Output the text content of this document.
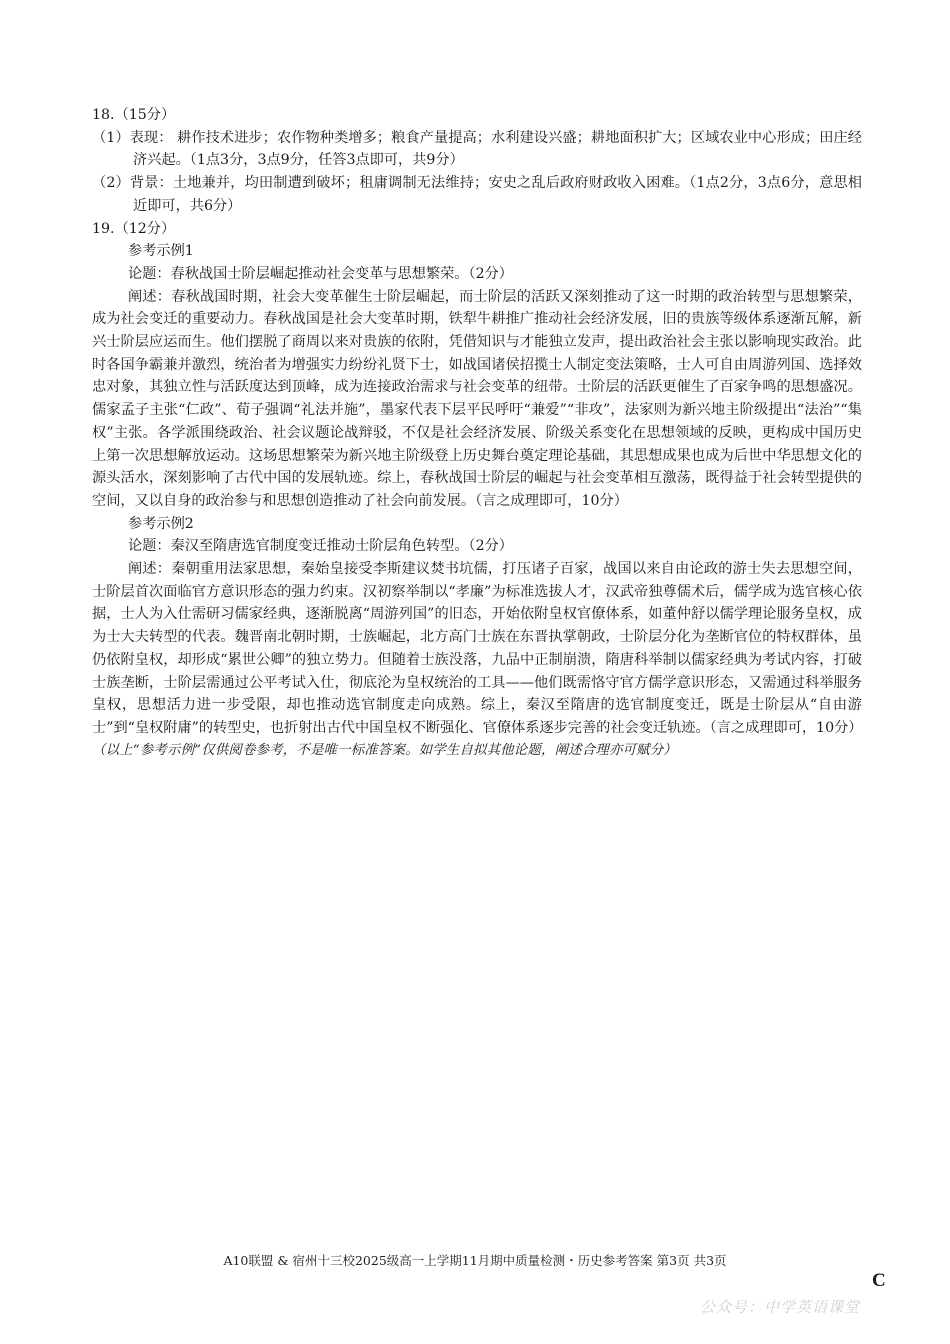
18.（15分）

（1）表现： 耕作技术进步；农作物种类增多；粮食产量提高；水利建设兴盛；耕地面积扩大；区域农业中心形成；田庄经济兴起。（1点3分，3点9分，任答3点即可，共9分）

（2）背景：土地兼并，均田制遭到破坏；租庸调制无法维持；安史之乱后政府财政收入困难。（1点2分，3点6分，意思相近即可，共6分）

19.（12分）

参考示例1

论题：春秋战国士阶层崛起推动社会变革与思想繁荣。（2分）

阐述：春秋战国时期，社会大变革催生士阶层崛起，而士阶层的活跃又深刻推动了这一时期的政治转型与思想繁荣，成为社会变迁的重要动力。春秋战国是社会大变革时期，铁犁牛耕推广推动社会经济发展，旧的贵族等级体系逐渐瓦解，新兴士阶层应运而生。他们摆脱了商周以来对贵族的依附，凭借知识与才能独立发声，提出政治社会主张以影响现实政治。此时各国争霸兼并激烈，统治者为增强实力纷纷礼贤下士，如战国诸侯招揽士人制定变法策略，士人可自由周游列国、选择效忠对象，其独立性与活跃度达到顶峰，成为连接政治需求与社会变革的纽带。士阶层的活跃更催生了百家争鸣的思想盛况。儒家孟子主张“仁政”、荀子强调“礼法并施”，墨家代表下层平民呼吁“兼爱”“非攻”，法家则为新兴地主阶级提出“法治”“集权”主张。各学派围绕政治、社会议题论战辩驳，不仅是社会经济发展、阶级关系变化在思想领域的反映，更构成中国历史上第一次思想解放运动。这场思想繁荣为新兴地主阶级登上历史舞台奠定理论基础，其思想成果也成为后世中华思想文化的源头活水，深刻影响了古代中国的发展轨迹。综上，春秋战国士阶层的崛起与社会变革相互激荡，既得益于社会转型提供的空间，又以自身的政治参与和思想创造推动了社会向前发展。（言之成理即可，10分）

参考示例2

论题：秦汉至隋唐选官制度变迁推动士阶层角色转型。（2分）

阐述：秦朝重用法家思想，秦始皇接受李斯建议焚书坑儒，打压诸子百家，战国以来自由论政的游士失去思想空间，士阶层首次面临官方意识形态的强力约束。汉初察举制以“孝廉”为标准选拔人才，汉武帝独尊儒术后，儒学成为选官核心依据，士人为入仕需研习儒家经典，逐渐脱离“周游列国”的旧态，开始依附皇权官僚体系，如董仲舒以儒学理论服务皇权，成为士大夫转型的代表。魏晋南北朝时期，士族崛起，北方高门士族在东晋执掌朝政，士阶层分化为垄断官位的特权群体，虽仍依附皇权，却形成“累世公卿”的独立势力。但随着士族没落，九品中正制崩溃，隋唐科举制以儒家经典为考试内容，打破士族垄断，士阶层需通过公平考试入仕，彻底沦为皇权统治的工具——他们既需恪守官方儒学意识形态，又需通过科举服务皇权，思想活力进一步受限，却也推动选官制度走向成熟。综上，秦汉至隋唐的选官制度变迁，既是士阶层从“自由游士”到“皇权附庸”的转型史，也折射出古代中国皇权不断强化、官僚体系逐步完善的社会变迁轨迹。（言之成理即可，10分）

（以上“参考示例”仅供阅卷参考，不是唯一标准答案。如学生自拟其他论题，阐述合理亦可赋分）

A10联盟 & 宿州十三校2025级高一上学期11月期中质量检测・历史参考答案 第3页 共3页
C
公众号：中学英语课堂
